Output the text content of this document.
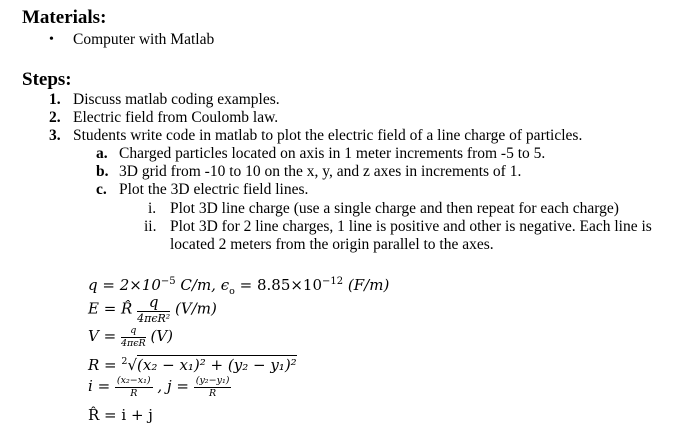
Materials:
• Computer with Matlab
Steps:
1. Discuss matlab coding examples.
2. Electric field from Coulomb law.
3. Students write code in matlab to plot the electric field of a line charge of particles.
a. Charged particles located on axis in 1 meter increments from -5 to 5.
b. 3D grid from -10 to 10 on the x, y, and z axes in increments of 1.
c. Plot the 3D electric field lines.
i. Plot 3D line charge (use a single charge and then repeat for each charge)
ii. Plot 3D for 2 line charges, 1 line is positive and other is negative. Each line is
located 2 meters from the origin parallel to the axes.
$q = 2\times 10^{-5}$ C/m, $\epsilon_o = 8.85\times 10^{-12}$ (F/m)
E = R̂ $\frac{q}{\text{4πϵR²}} (V/m)$
$V = \frac{q}{\text{4πϵR}} (V)$
R = $^2$√(x₂ − x₁)² + (y₂ − y₁)²
$i = \frac{\text{(x₂−x₁)}}{R}$ , $j = \frac{\text{(y₂−y₁)}}{R}$
R̂ = i + j
